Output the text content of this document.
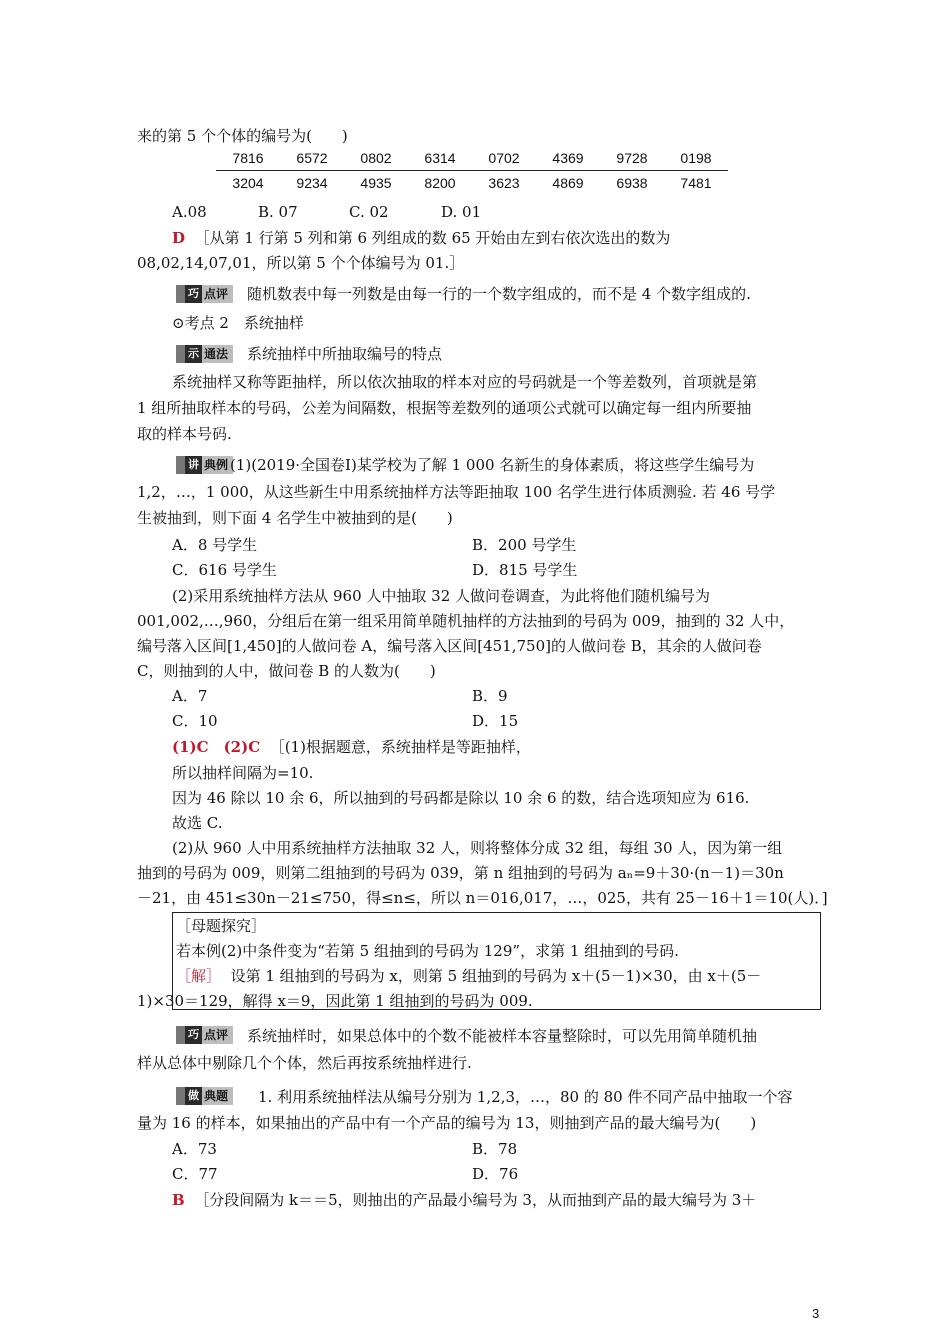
来的第 5 个个体的编号为(　　)
7816	6572	0802	6314	0702	4369	9728	0198
3204	9234	4935	8200	3623	4869	6938	7481
A.08	B. 07	C. 02	D. 01
D ［从第 1 行第 5 列和第 6 列组成的数 65 开始由左到右依次选出的数为
08,02,14,07,01，所以第 5 个个体编号为 01.］
巧 点评	随机数表中每一列数是由每一行的一个数字组成的，而不是 4 个数字组成的.
⊙考点 2　系统抽样
示 通法	系统抽样中所抽取编号的特点
系统抽样又称等距抽样，所以依次抽取的样本对应的号码就是一个等差数列，首项就是第
1 组所抽取样本的号码，公差为间隔数，根据等差数列的通项公式就可以确定每一组内所要抽
取的样本号码.
讲 典例 (1)(2019·全国卷Ⅰ)某学校为了解 1 000 名新生的身体素质，将这些学生编号为
1,2，…，1 000，从这些新生中用系统抽样方法等距抽取 100 名学生进行体质测验. 若 46 号学
生被抽到，则下面 4 名学生中被抽到的是(　　)
A．8 号学生	B．200 号学生
C．616 号学生	D．815 号学生
(2)采用系统抽样方法从 960 人中抽取 32 人做问卷调查，为此将他们随机编号为
001,002,…,960，分组后在第一组采用简单随机抽样的方法抽到的号码为 009，抽到的 32 人中，
编号落入区间[1,450]的人做问卷 A，编号落入区间[451,750]的人做问卷 B，其余的人做问卷
C，则抽到的人中，做问卷 B 的人数为(　　)
A．7	B．9
C．10	D．15
(1)C　(2)C ［(1)根据题意，系统抽样是等距抽样，
所以抽样间隔为=10.
因为 46 除以 10 余 6，所以抽到的号码都是除以 10 余 6 的数，结合选项知应为 616.
故选 C.
(2)从 960 人中用系统抽样方法抽取 32 人，则将整体分成 32 组，每组 30 人，因为第一组
抽到的号码为 009，则第二组抽到的号码为 039，第 n 组抽到的号码为 aₙ=9＋30·(n－1)＝30n
－21，由 451≤30n－21≤750，得≤n≤，所以 n＝016,017，…，025，共有 25－16＋1＝10(人)．]
［母题探究］
若本例(2)中条件变为“若第 5 组抽到的号码为 129”，求第 1 组抽到的号码.
［解］ 设第 1 组抽到的号码为 x，则第 5 组抽到的号码为 x＋(5－1)×30，由 x＋(5－
1)×30＝129，解得 x＝9，因此第 1 组抽到的号码为 009.
巧 点评	系统抽样时，如果总体中的个数不能被样本容量整除时，可以先用简单随机抽
样从总体中剔除几个个体，然后再按系统抽样进行.
做 典题	1. 利用系统抽样法从编号分别为 1,2,3，…，80 的 80 件不同产品中抽取一个容
量为 16 的样本，如果抽出的产品中有一个产品的编号为 13，则抽到产品的最大编号为(　　)
A．73	B．78
C．77	D．76
B ［分段间隔为 k＝＝5，则抽出的产品最小编号为 3，从而抽到产品的最大编号为 3＋
3
